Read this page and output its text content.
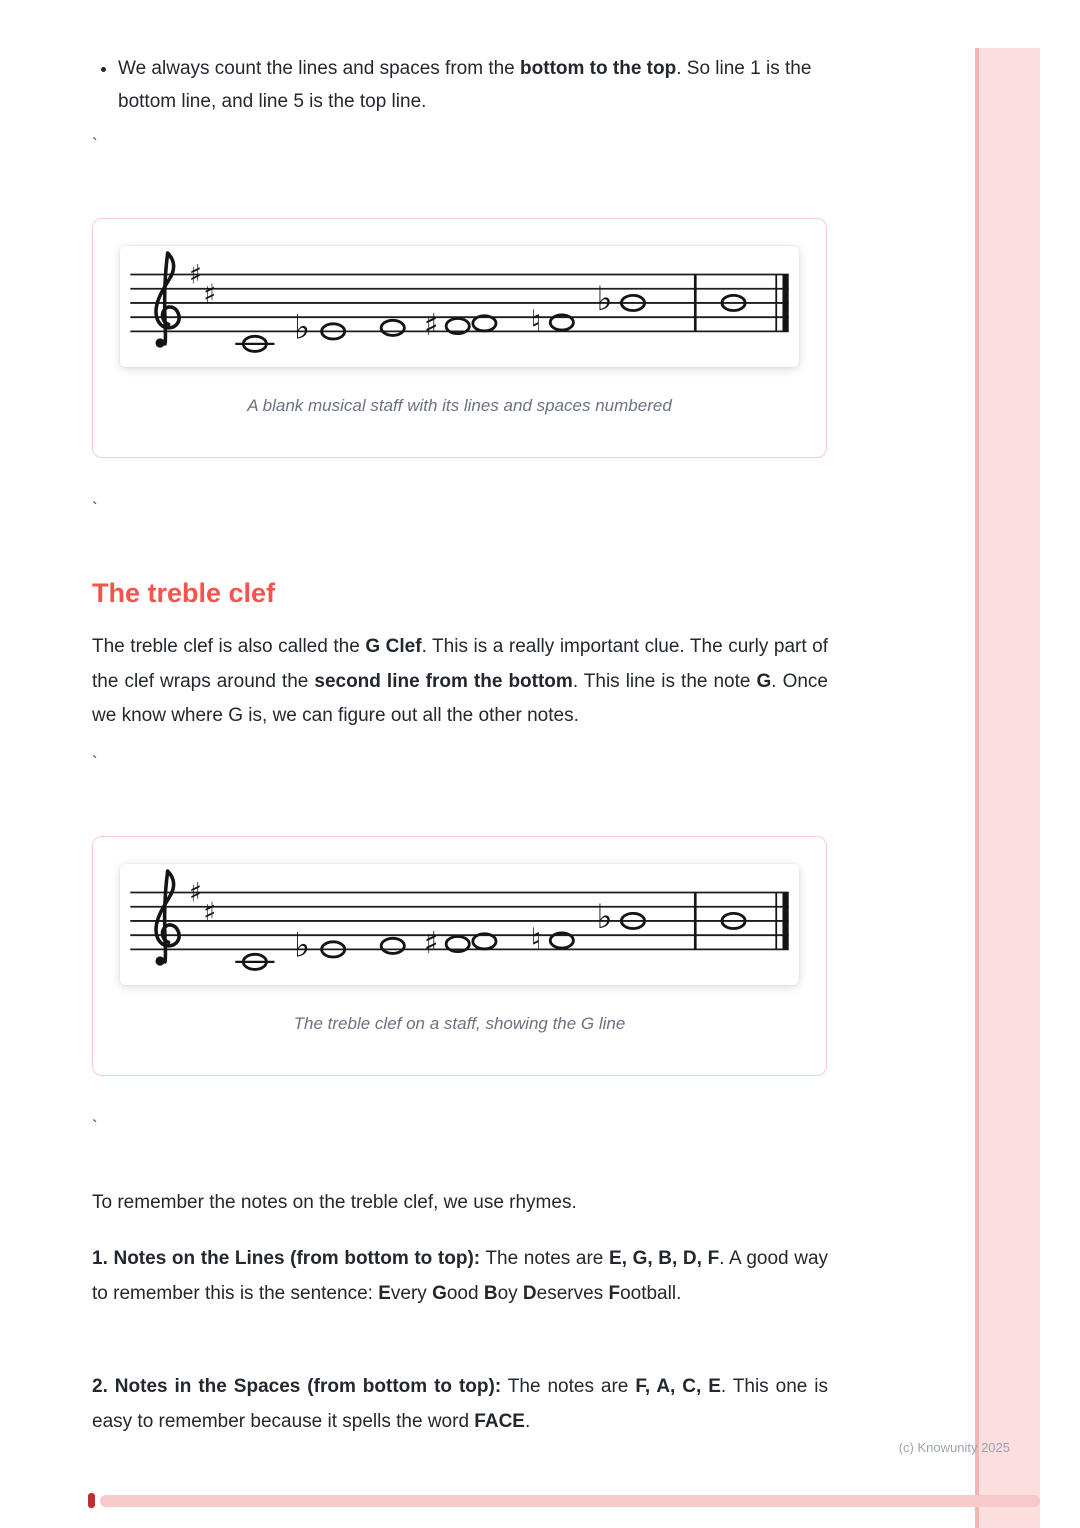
• We always count the lines and spaces from the bottom to the top. So line 1 is the bottom line, and line 5 is the top line.
`
♯
♯
♭	♯	♮
♭
A blank musical staff with its lines and spaces numbered
`
The treble clef

The treble clef is also called the G Clef. This is a really important clue. The curly part of the clef wraps around the second line from the bottom. This line is the note G. Once we know where G is, we can figure out all the other notes.

`
♯
♯
♭	♯	♮
♭
The treble clef on a staff, showing the G line
`

To remember the notes on the treble clef, we use rhymes.

1. Notes on the Lines (from bottom to top): The notes are E, G, B, D, F. A good way to remember this is the sentence: Every Good Boy Deserves Football.

2. Notes in the Spaces (from bottom to top): The notes are F, A, C, E. This one is easy to remember because it spells the word FACE.

(c) Knowunity 2025
